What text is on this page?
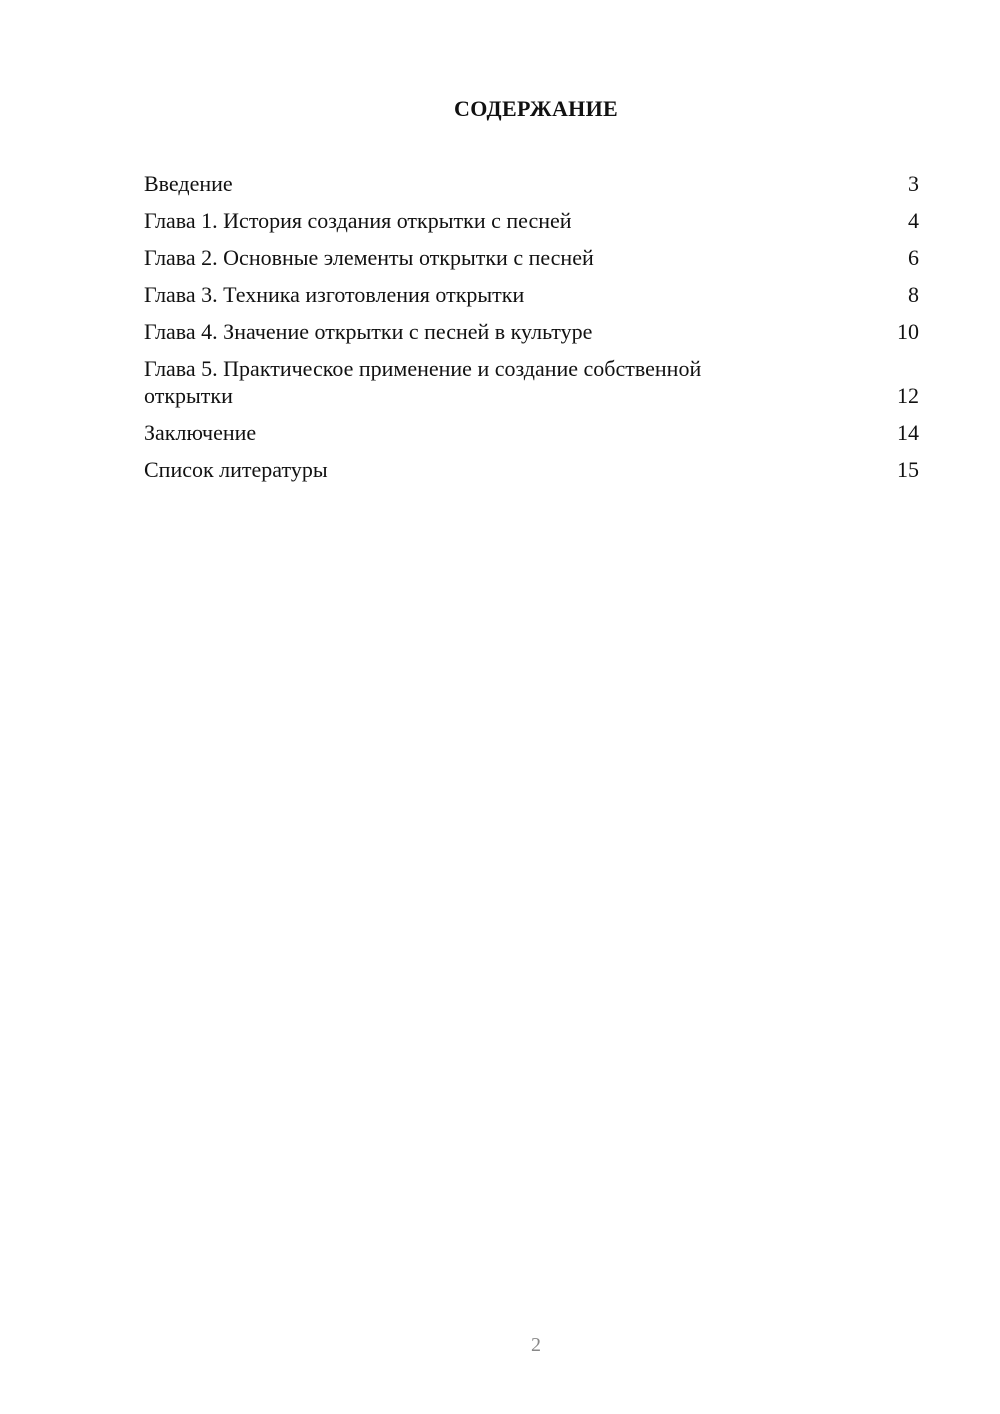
СОДЕРЖАНИЕ
Введение	3
Глава 1. История создания открытки с песней	4
Глава 2. Основные элементы открытки с песней	6
Глава 3. Техника изготовления открытки	8
Глава 4. Значение открытки с песней в культуре	10
Глава 5. Практическое применение и создание собственной открытки	12
Заключение	14
Список литературы	15
2
